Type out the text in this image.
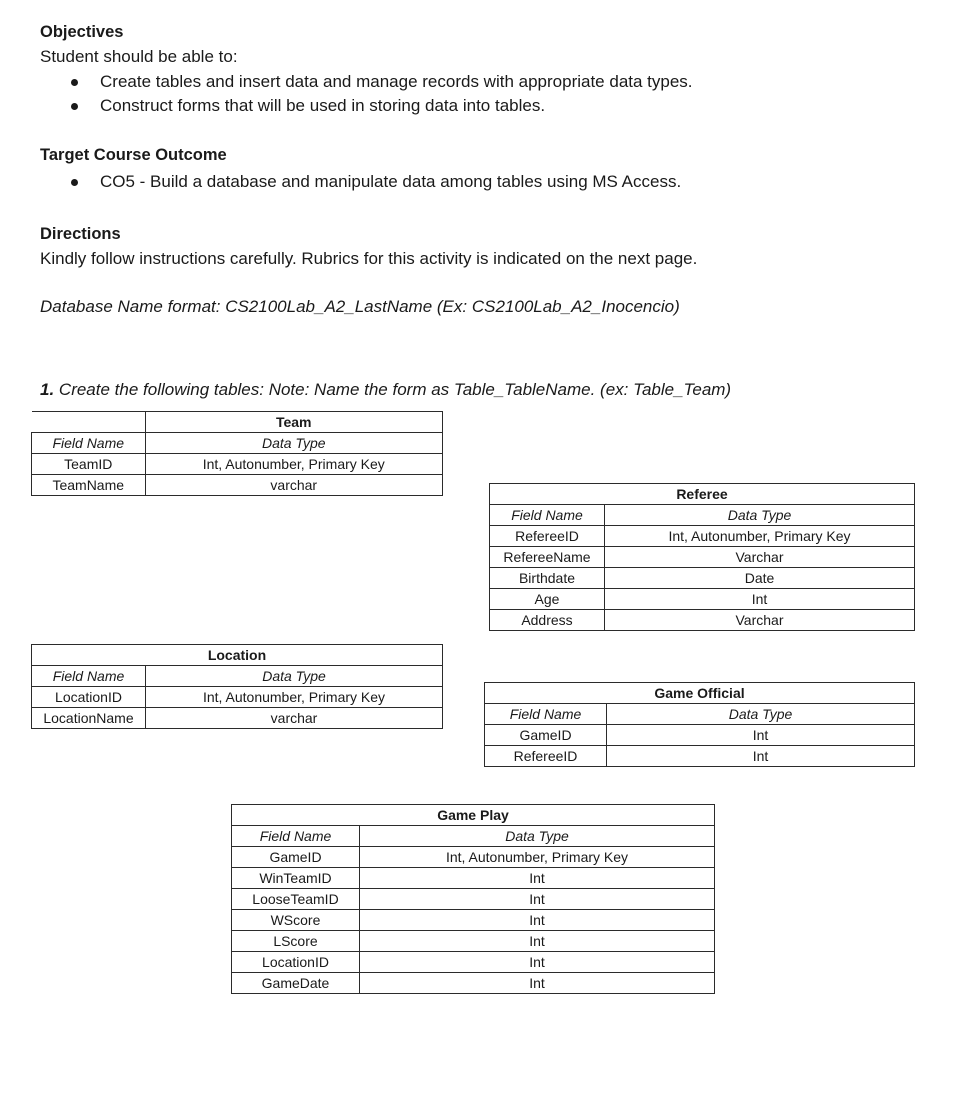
Objectives
Student should be able to:
Create tables and insert data and manage records with appropriate data types.
Construct forms that will be used in storing data into tables.
Target Course Outcome
CO5 - Build a database and manipulate data among tables using MS Access.
Directions
Kindly follow instructions carefully. Rubrics for this activity is indicated on the next page.
Database Name format: CS2100Lab_A2_LastName (Ex: CS2100Lab_A2_Inocencio)
1. Create the following tables: Note: Name the form as Table_TableName. (ex: Table_Team)
	Team
Field Name	Data Type
TeamID	Int, Autonumber, Primary Key
TeamName	varchar
Referee	
Field Name	Data Type
RefereeID	Int, Autonumber, Primary Key
RefereeName	Varchar
Birthdate	Date
Age	Int
Address	Varchar
Location	
Field Name	Data Type
LocationID	Int, Autonumber, Primary Key
LocationName	varchar
Game Official	
Field Name	Data Type
GameID	Int
RefereeID	Int
Game Play	
Field Name	Data Type
GameID	Int, Autonumber, Primary Key
WinTeamID	Int
LooseTeamID	Int
WScore	Int
LScore	Int
LocationID	Int
GameDate	Int
